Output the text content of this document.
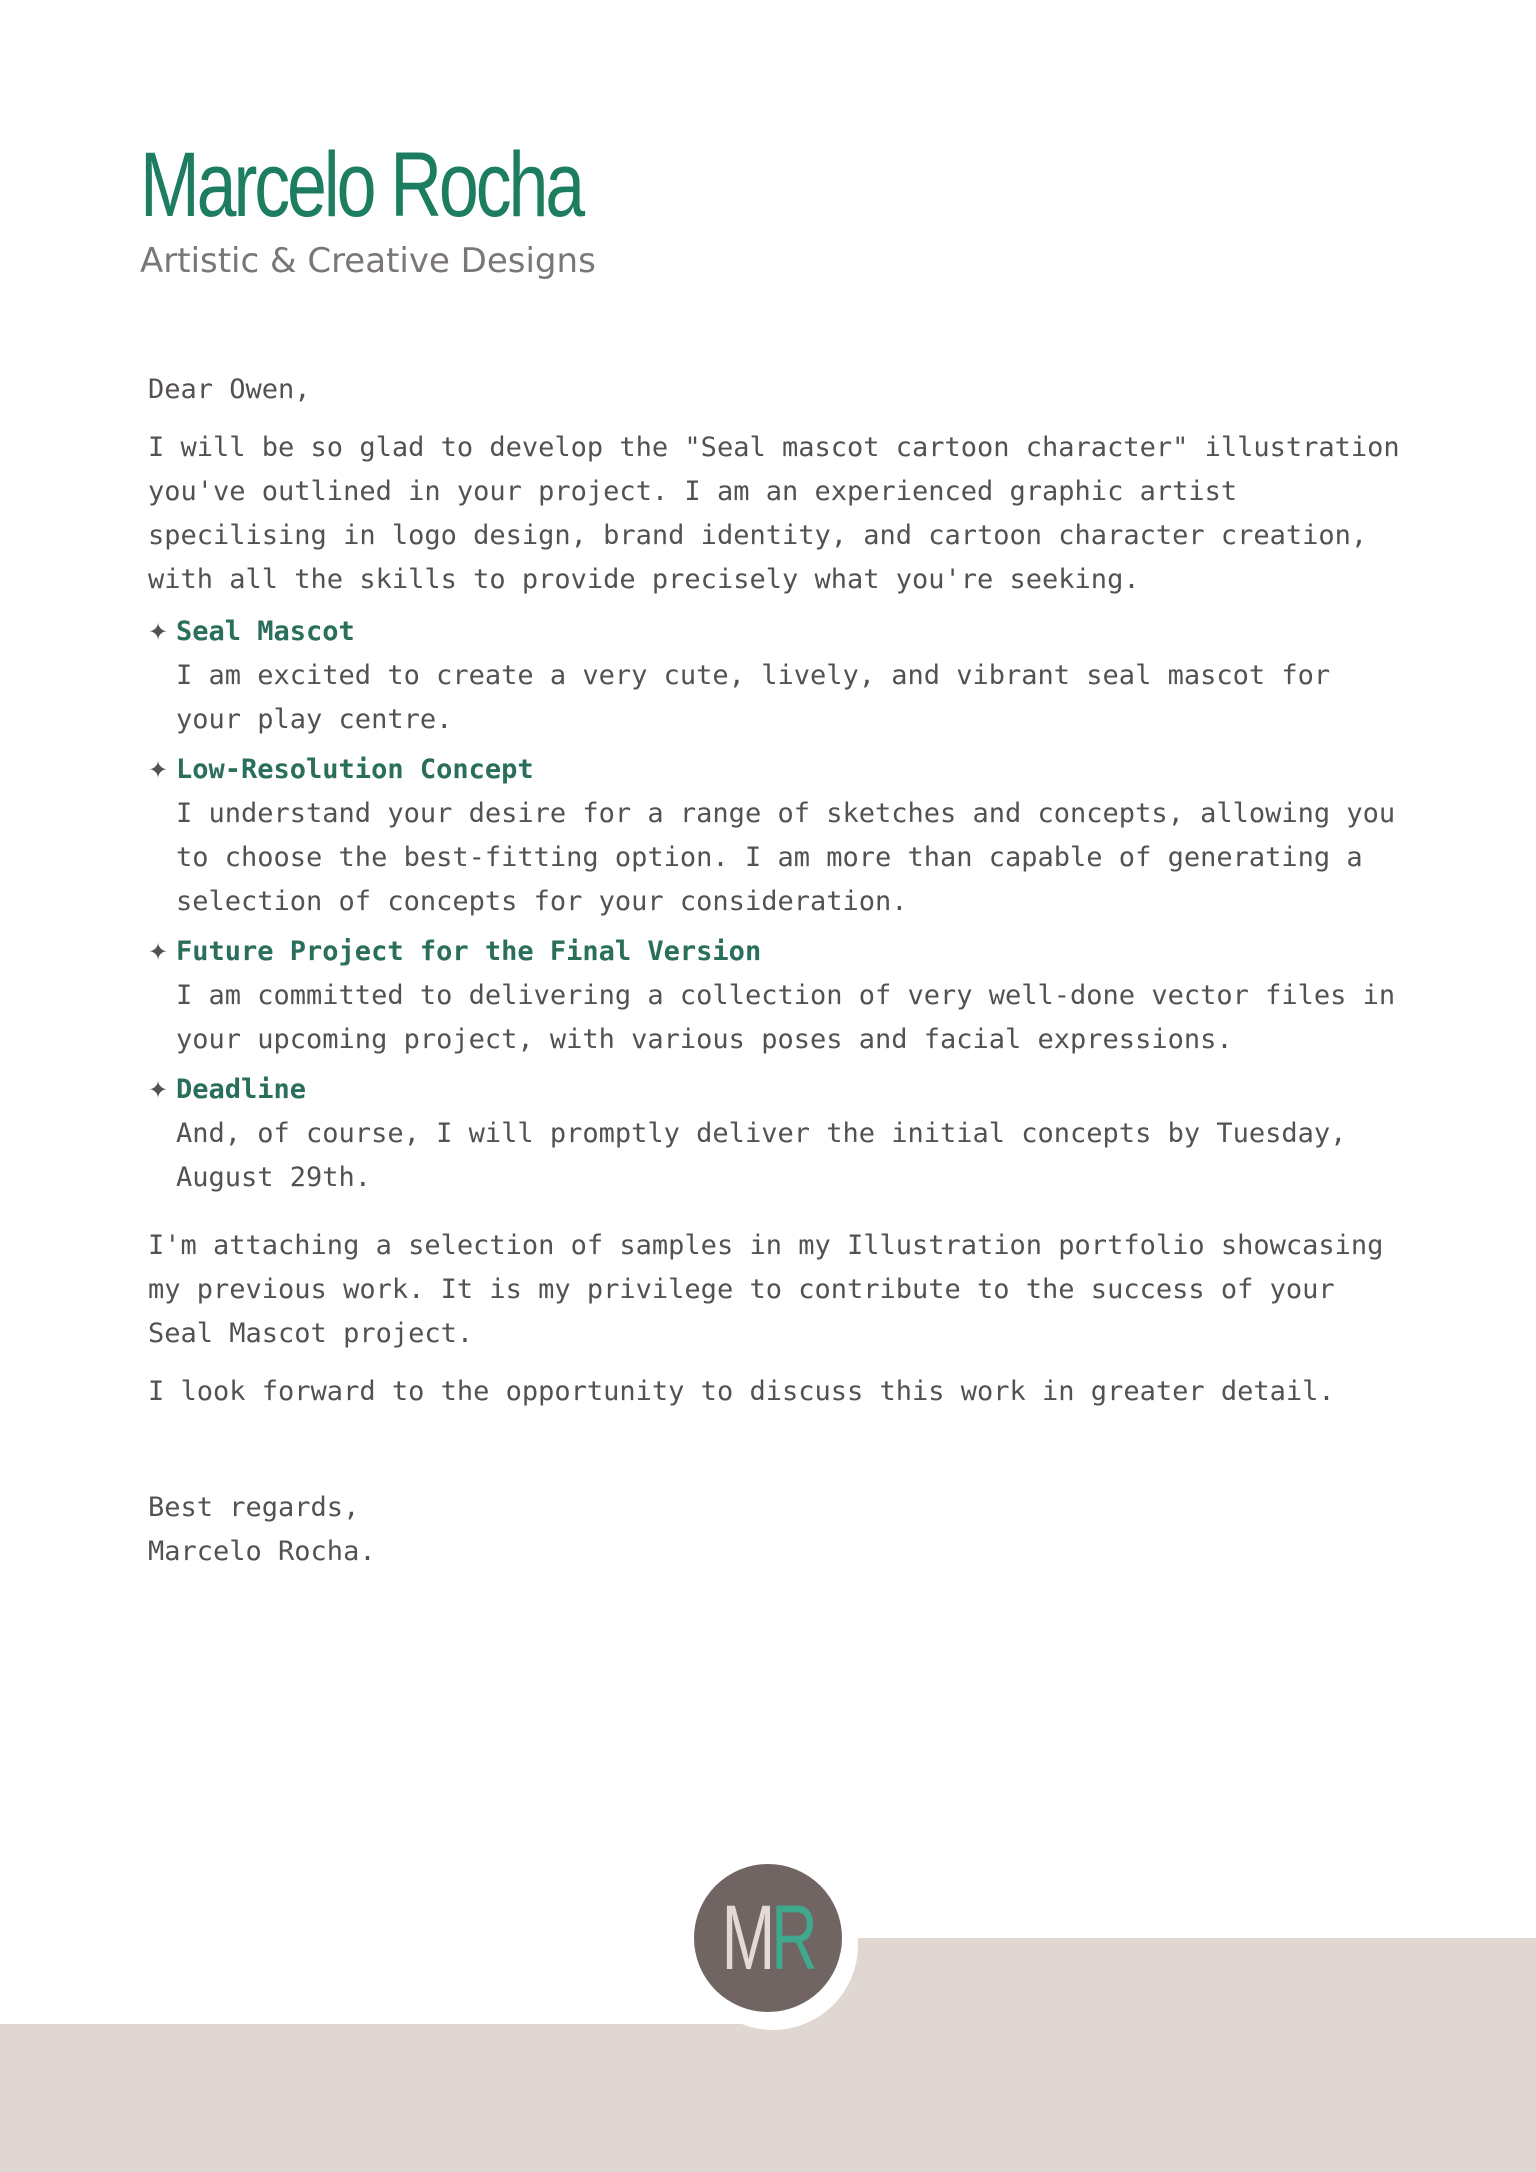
Marcelo Rocha
Artistic & Creative Designs

Dear Owen,

I will be so glad to develop the "Seal mascot cartoon character" illustration you've outlined in your project. I am an experienced graphic artist specilising in logo design, brand identity, and cartoon character creation, with all the skills to provide precisely what you're seeking.

✦ Seal Mascot

I am excited to create a very cute, lively, and vibrant seal mascot for your play centre.

✦ Low-Resolution Concept

I understand your desire for a range of sketches and concepts, allowing you to choose the best-fitting option. I am more than capable of generating a selection of concepts for your consideration.

✦ Future Project for the Final Version

I am committed to delivering a collection of very well-done vector files in your upcoming project, with various poses and facial expressions.

✦ Deadline

And, of course, I will promptly deliver the initial concepts by Tuesday, August 29th.

I'm attaching a selection of samples in my Illustration portfolio showcasing my previous work. It is my privilege to contribute to the success of your Seal Mascot project.

I look forward to the opportunity to discuss this work in greater detail.

Best regards,

Marcelo Rocha.

M R
